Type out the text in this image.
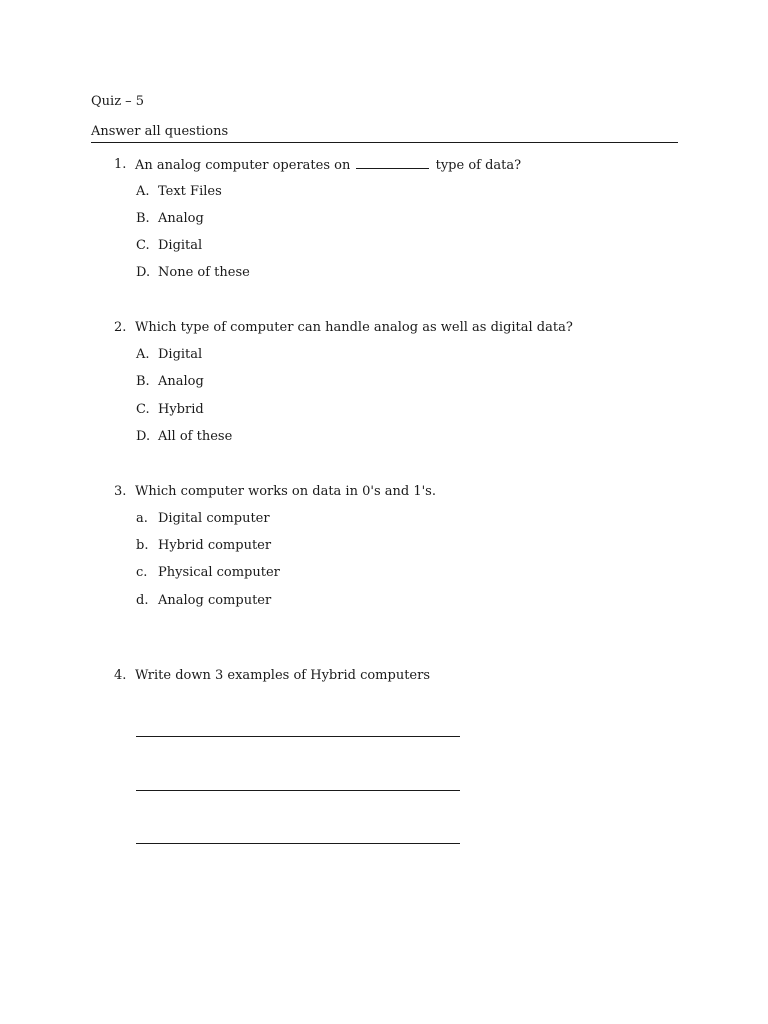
Quiz – 5
Answer all questions
1. An analog computer operates on	type of data?
A. Text Files
B. Analog
C. Digital
D. None of these
2. Which type of computer can handle analog as well as digital data?
A. Digital
B. Analog
C. Hybrid
D. All of these
3. Which computer works on data in 0's and 1's.
a. Digital computer
b. Hybrid computer
c. Physical computer
d. Analog computer
4. Write down 3 examples of Hybrid computers
